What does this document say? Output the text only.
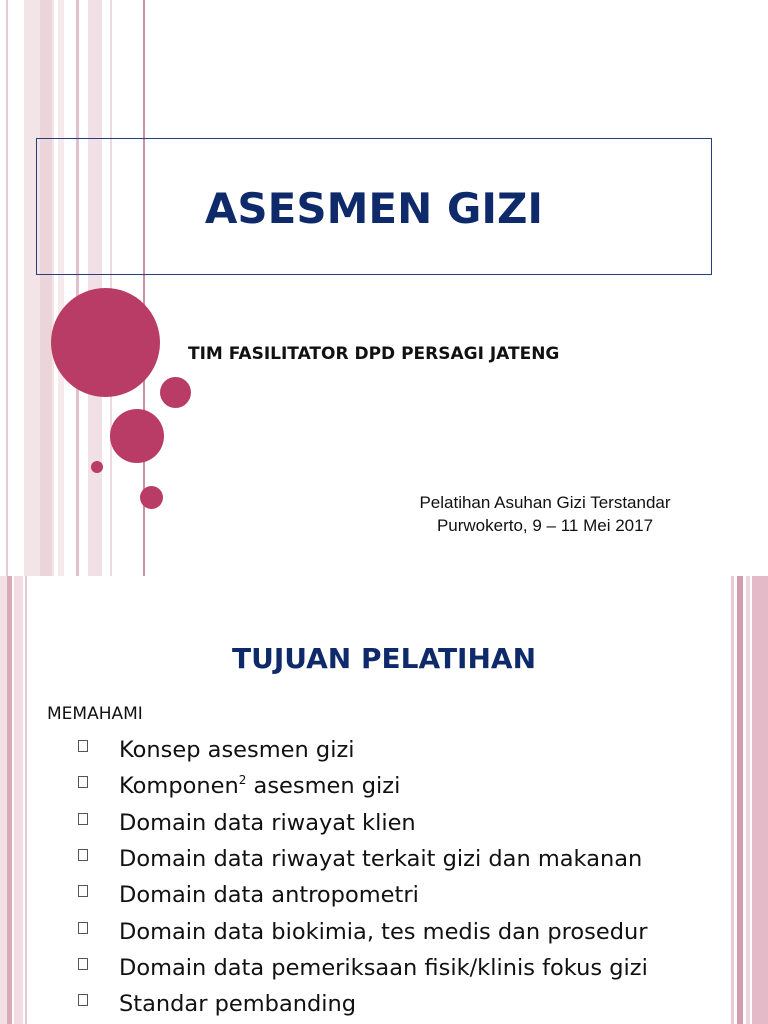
ASESMEN GIZI
TIM FASILITATOR DPD PERSAGI JATENG
Pelatihan Asuhan Gizi Terstandar
Purwokerto, 9 – 11 Mei 2017
TUJUAN PELATIHAN
MEMAHAMI
Konsep asesmen gizi
Komponen$^2$ asesmen gizi
Domain data riwayat klien
Domain data riwayat terkait gizi dan makanan
Domain data antropometri
Domain data biokimia, tes medis dan prosedur
Domain data pemeriksaan fisik/klinis fokus gizi
Standar pembanding
